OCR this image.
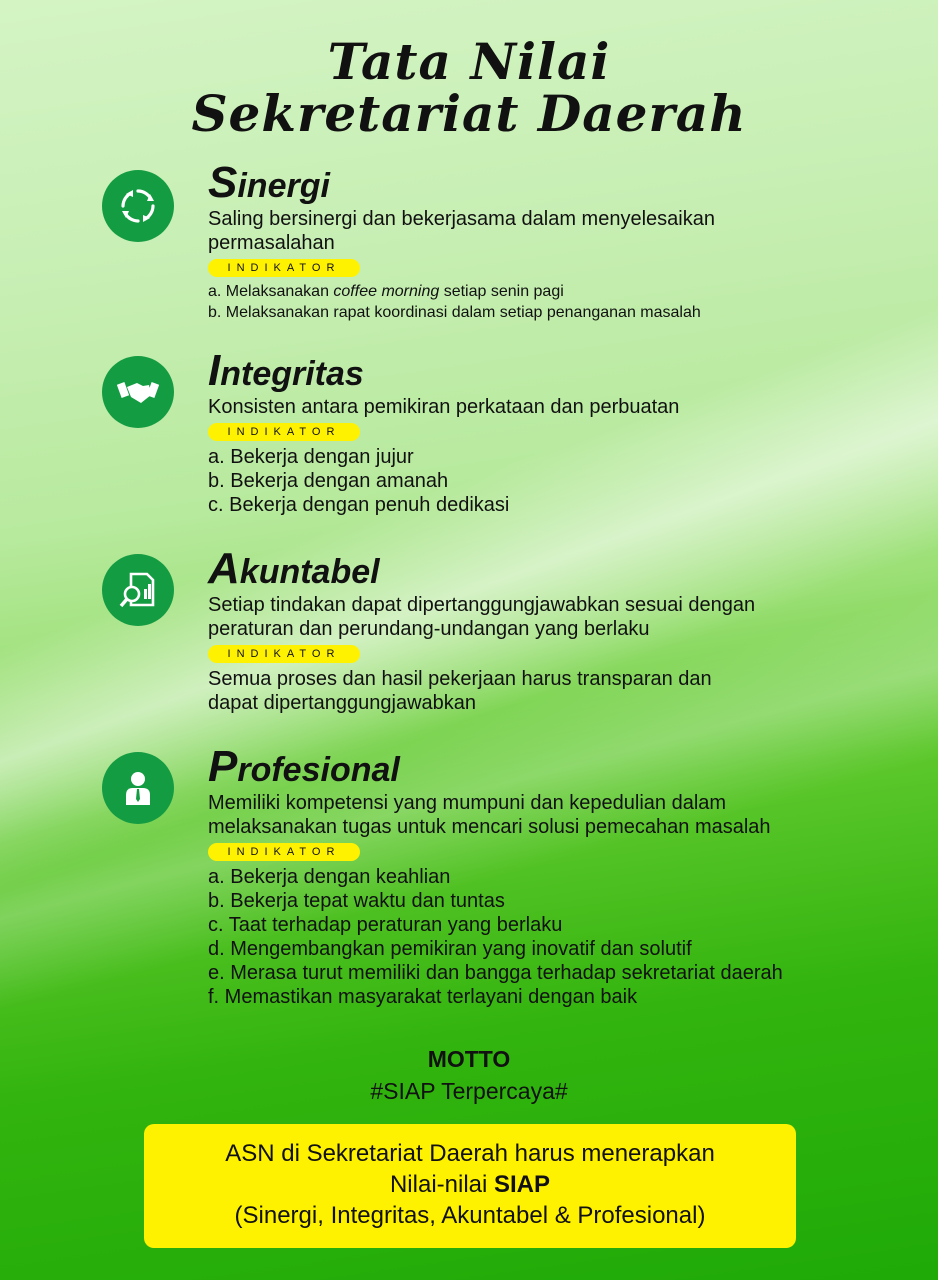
Tata Nilai
Sekretariat Daerah
Sinergi
Saling bersinergi dan bekerjasama dalam menyelesaikan
permasalahan
INDIKATOR
a. Melaksanakan coffee morning setiap senin pagi
b. Melaksanakan rapat koordinasi dalam setiap penanganan masalah
Integritas
Konsisten antara pemikiran perkataan dan perbuatan
INDIKATOR
a. Bekerja dengan jujur
b. Bekerja dengan amanah
c. Bekerja dengan penuh dedikasi
Akuntabel
Setiap tindakan dapat dipertanggungjawabkan sesuai dengan
peraturan dan perundang-undangan yang berlaku
INDIKATOR
Semua proses dan hasil pekerjaan harus transparan dan
dapat dipertanggungjawabkan
Profesional
Memiliki kompetensi yang mumpuni dan kepedulian dalam
melaksanakan tugas untuk mencari solusi pemecahan masalah
INDIKATOR
a. Bekerja dengan keahlian
b. Bekerja tepat waktu dan tuntas
c. Taat terhadap peraturan yang berlaku
d. Mengembangkan pemikiran yang inovatif dan solutif
e. Merasa turut memiliki dan bangga terhadap sekretariat daerah
f. Memastikan masyarakat terlayani dengan baik
MOTTO
#SIAP Terpercaya#
ASN di Sekretariat Daerah harus menerapkan
Nilai-nilai SIAP
(Sinergi, Integritas, Akuntabel & Profesional)
